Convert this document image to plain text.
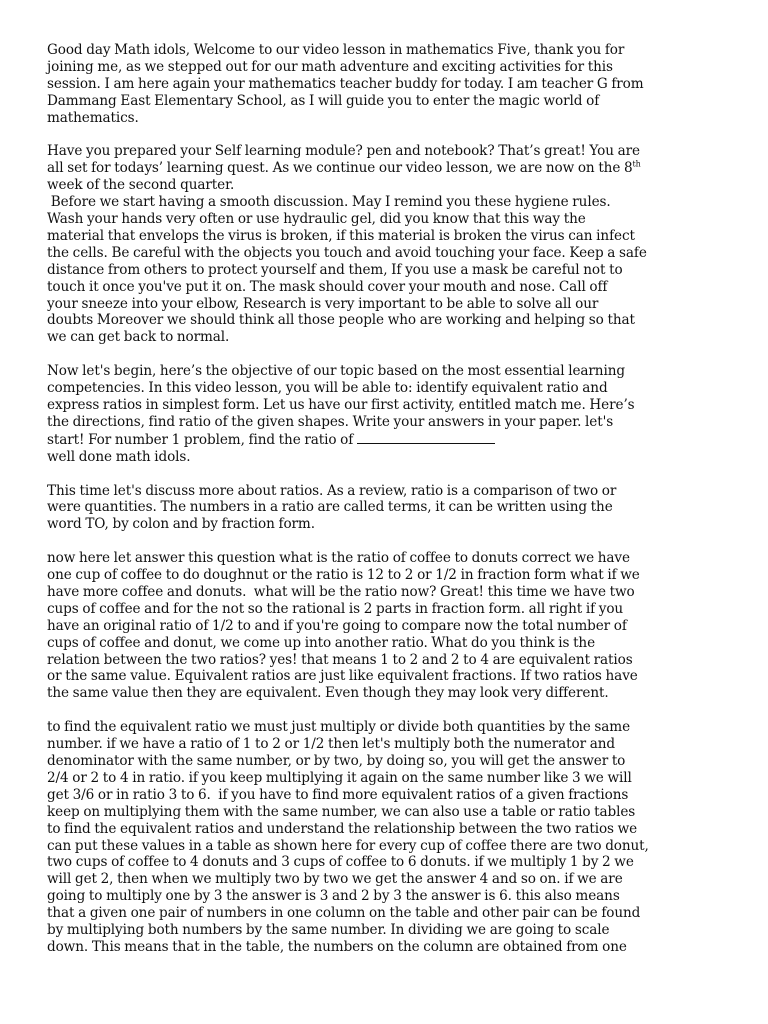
Good day Math idols, Welcome to our video lesson in mathematics Five, thank you for
joining me, as we stepped out for our math adventure and exciting activities for this
session. I am here again your mathematics teacher buddy for today. I am teacher G from
Dammang East Elementary School, as I will guide you to enter the magic world of
mathematics.

Have you prepared your Self learning module? pen and notebook? That’s great! You are
all set for todays’ learning quest. As we continue our video lesson, we are now on the 8th
week of the second quarter.
Before we start having a smooth discussion. May I remind you these hygiene rules.
Wash your hands very often or use hydraulic gel, did you know that this way the
material that envelops the virus is broken, if this material is broken the virus can infect
the cells. Be careful with the objects you touch and avoid touching your face. Keep a safe
distance from others to protect yourself and them, If you use a mask be careful not to
touch it once you've put it on. The mask should cover your mouth and nose. Call off
your sneeze into your elbow, Research is very important to be able to solve all our
doubts Moreover we should think all those people who are working and helping so that
we can get back to normal.

Now let's begin, here’s the objective of our topic based on the most essential learning
competencies. In this video lesson, you will be able to: identify equivalent ratio and
express ratios in simplest form. Let us have our first activity, entitled match me. Here’s
the directions, find ratio of the given shapes. Write your answers in your paper. let's
start! For number 1 problem, find the ratio of
well done math idols.

This time let's discuss more about ratios. As a review, ratio is a comparison of two or
were quantities. The numbers in a ratio are called terms, it can be written using the
word TO, by colon and by fraction form.

now here let answer this question what is the ratio of coffee to donuts correct we have
one cup of coffee to do doughnut or the ratio is 12 to 2 or 1/2 in fraction form what if we
have more coffee and donuts.  what will be the ratio now? Great! this time we have two
cups of coffee and for the not so the rational is 2 parts in fraction form. all right if you
have an original ratio of 1/2 to and if you're going to compare now the total number of
cups of coffee and donut, we come up into another ratio. What do you think is the
relation between the two ratios? yes! that means 1 to 2 and 2 to 4 are equivalent ratios
or the same value. Equivalent ratios are just like equivalent fractions. If two ratios have
the same value then they are equivalent. Even though they may look very different.

to find the equivalent ratio we must just multiply or divide both quantities by the same
number. if we have a ratio of 1 to 2 or 1/2 then let's multiply both the numerator and
denominator with the same number, or by two, by doing so, you will get the answer to
2/4 or 2 to 4 in ratio. if you keep multiplying it again on the same number like 3 we will
get 3/6 or in ratio 3 to 6.  if you have to find more equivalent ratios of a given fractions
keep on multiplying them with the same number, we can also use a table or ratio tables
to find the equivalent ratios and understand the relationship between the two ratios we
can put these values in a table as shown here for every cup of coffee there are two donut,
two cups of coffee to 4 donuts and 3 cups of coffee to 6 donuts. if we multiply 1 by 2 we
will get 2, then when we multiply two by two we get the answer 4 and so on. if we are
going to multiply one by 3 the answer is 3 and 2 by 3 the answer is 6. this also means
that a given one pair of numbers in one column on the table and other pair can be found
by multiplying both numbers by the same number. In dividing we are going to scale
down. This means that in the table, the numbers on the column are obtained from one
